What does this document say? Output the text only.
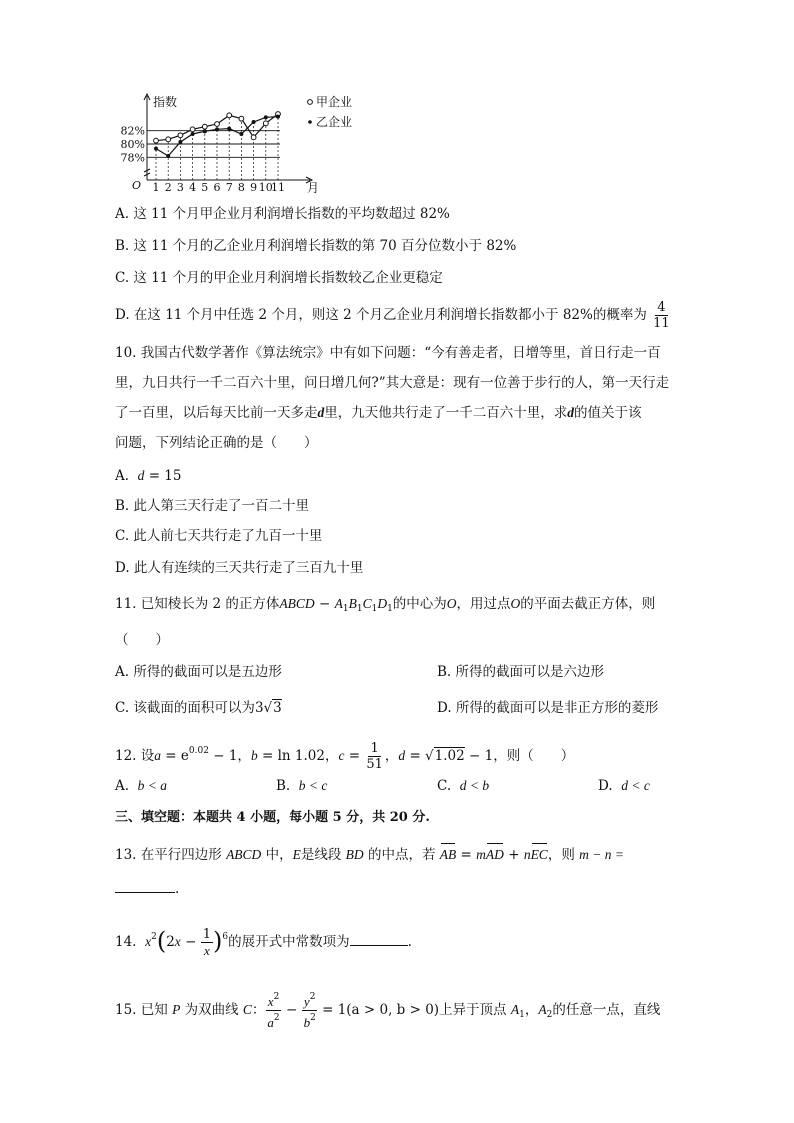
指数
月
O
78%
80%
82%
1 2 3 4 5 6 7 8 9 10
11
甲企业
乙企业
A. 这 11 个月甲企业月利润增长指数的平均数超过 82%
B. 这 11 个月的乙企业月利润增长指数的第 70 百分位数小于 82%
C. 这 11 个月的甲企业月利润增长指数较乙企业更稳定
D. 在这 11 个月中任选 2 个月，则这 2 个月乙企业月利润增长指数都小于 82%的概率为 $\frac{4}{11}$
10. 我国古代数学著作《算法统宗》中有如下问题：“今有善走者，日增等里，首日行走一百
里，九日共行一千二百六十里，问日增几何?”其大意是：现有一位善于步行的人，第一天行走
了一百里，以后每天比前一天多走d里，九天他共行走了一千二百六十里，求d的值关于该
问题，下列结论正确的是（　　）
A. d = 15
B. 此人第三天行走了一百二十里
C. 此人前七天共行走了九百一十里
D. 此人有连续的三天共行走了三百九十里
11. 已知棱长为 2 的正方体ABCD − $A_1B_1C_1D_1$的中心为O，用过点O的平面去截正方体，则
（　　）
A. 所得的截面可以是五边形	B. 所得的截面可以是六边形
C. 该截面的面积可以为3√3	D. 所得的截面可以是非正方形的菱形
12. 设$a = e^{0.02} - 1$，b = ln 1.02，$c = \frac{1}{51}$ ，d = √1.02 − 1，则（　　）
A.  b < a	B.  b < c	C.  d < b	D.  d < c
三、填空题：本题共 4 小题，每小题 5 分，共 20 分.
13. 在平行四边形 ABCD 中，E是线段 BD 的中点，若 AB = mAD + nEC，则 m − n =
.
14. $x^2(2x - \frac{1}{x} )^6$的展开式中常数项为	.
15. 已知 P 为双曲线 C： $\frac{x^2}{a^2} - \frac{y^2}{b^2} = 1(a > 0$, b > 0)上异于顶点 $A_1$，$A_2$的任意一点，直线
